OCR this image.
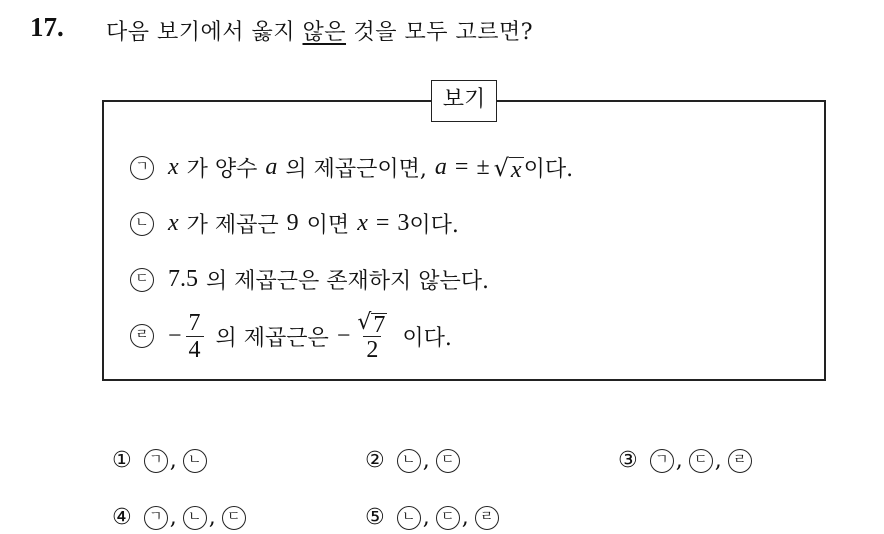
17. 다음 보기에서 옳지 않은 것을 모두 고르면?
보기
ㄱ x 가 양수 a 의 제곱근이면, a = ± √ x 이다.
ㄴ x 가 제곱근 9 이면 x = 3 이다.
ㄷ 7.5 의 제곱근은 존재하지 않는다.
ㄹ − $\frac{7}{4}$ 의 제곱근은 − $\frac{√ 7}{2}$ 이다.
①	ㄱ , ㄴ	②	ㄴ , ㄷ	③	ㄱ , ㄷ , ㄹ
④	ㄱ , ㄴ , ㄷ	⑤	ㄴ , ㄷ , ㄹ
